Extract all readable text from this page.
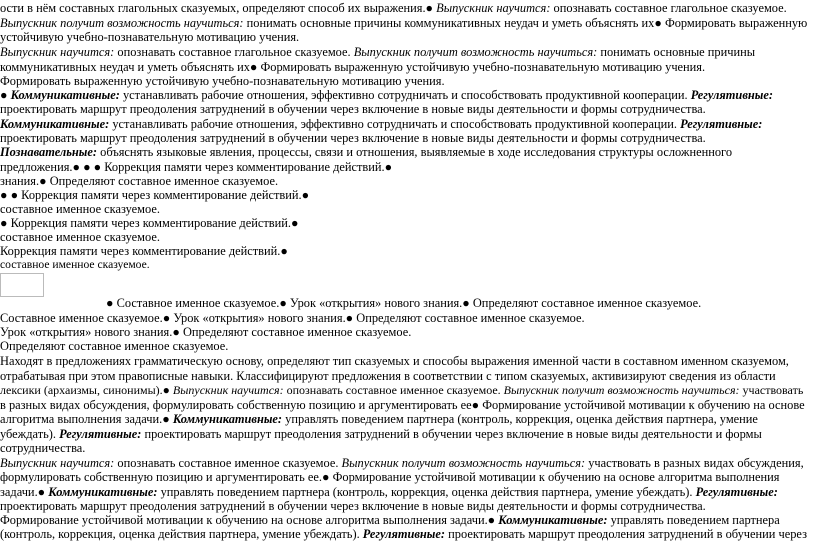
ости в нём составных глагольных сказуемых, определяют способ их выражения.● Выпускник научится: опознавать составное глагольное сказуемое.
Выпускник получит возможность научиться: понимать основные причины коммуникативных неудач и уметь объяснять их● Формировать выраженную
устойчивую учебно-познавательную мотивацию учения.
Выпускник научится: опознавать составное глагольное сказуемое. Выпускник получит возможность научиться: понимать основные причины
коммуникативных неудач и уметь объяснять их● Формировать выраженную устойчивую учебно-познавательную мотивацию учения.
Формировать выраженную устойчивую учебно-познавательную мотивацию учения.
● Коммуникативные: устанавливать рабочие отношения, эффективно сотрудничать и способствовать продуктивной кооперации. Регулятивные:
проектировать маршрут преодоления затруднений в обучении через включение в новые виды деятельности и формы сотрудничества.
Коммуникативные: устанавливать рабочие отношения, эффективно сотрудничать и способствовать продуктивной кооперации. Регулятивные:
проектировать маршрут преодоления затруднений в обучении через включение в новые виды деятельности и формы сотрудничества.
Познавательные: объяснять языковые явления, процессы, связи и отношения, выявляемые в ходе исследования структуры осложненного
предложения.● ● ● Коррекция памяти через комментирование действий.●
знания.● Определяют составное именное сказуемое.
● ● Коррекция памяти через комментирование действий.●
составное именное сказуемое.
● Коррекция памяти через комментирование действий.●
составное именное сказуемое.
Коррекция памяти через комментирование действий.●
составное именное сказуемое.
● Составное именное сказуемое.● Урок «открытия» нового знания.● Определяют составное именное сказуемое.
Составное именное сказуемое.● Урок «открытия» нового знания.● Определяют составное именное сказуемое.
Урок «открытия» нового знания.● Определяют составное именное сказуемое.
Определяют составное именное сказуемое.
Находят в предложениях грамматическую основу, определяют тип сказуемых и способы выражения именной части в составном именном сказуемом,
отрабатывая при этом правописные навыки. Классифицируют предложения в соответствии с типом сказуемых, активизируют сведения из области
лексики (архаизмы, синонимы).● Выпускник научится: опознавать составное именное сказуемое. Выпускник получит возможность научиться: участвовать
в разных видах обсуждения, формулировать собственную позицию и аргументировать ее● Формирование устойчивой мотивации к обучению на основе
алгоритма выполнения задачи.● Коммуникативные: управлять поведением партнера (контроль, коррекция, оценка действия партнера, умение
убеждать). Регулятивные: проектировать маршрут преодоления затруднений в обучении через включение в новые виды деятельности и формы
сотрудничества.
Выпускник научится: опознавать составное именное сказуемое. Выпускник получит возможность научиться: участвовать в разных видах обсуждения,
формулировать собственную позицию и аргументировать ее.● Формирование устойчивой мотивации к обучению на основе алгоритма выполнения
задачи.● Коммуникативные: управлять поведением партнера (контроль, коррекция, оценка действия партнера, умение убеждать). Регулятивные:
проектировать маршрут преодоления затруднений в обучении через включение в новые виды деятельности и формы сотрудничества.
Формирование устойчивой мотивации к обучению на основе алгоритма выполнения задачи.● Коммуникативные: управлять поведением партнера
(контроль, коррекция, оценка действия партнера, умение убеждать). Регулятивные: проектировать маршрут преодоления затруднений в обучении через
